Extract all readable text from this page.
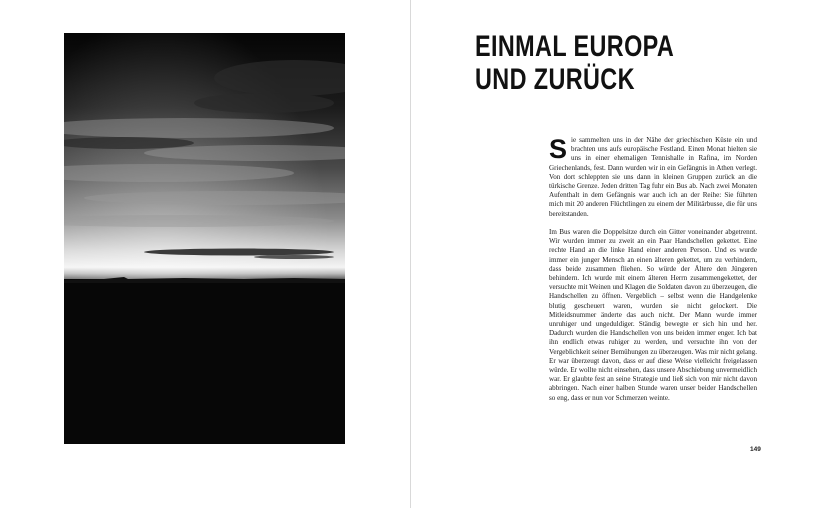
EINMAL EUROPA
UND ZURÜCK

Sie sammelten uns in der Nähe der griechischen Küste ein und brachten uns aufs europäische Festland. Einen Monat hielten sie uns in einer ehemaligen Tennishalle in Rafina, im Norden Griechenlands, fest. Dann wurden wir in ein Gefängnis in Athen verlegt. Von dort schleppten sie uns dann in kleinen Gruppen zurück an die türkische Grenze. Jeden dritten Tag fuhr ein Bus ab. Nach zwei Monaten Aufenthalt in dem Gefängnis war auch ich an der Reihe: Sie führten mich mit 20 anderen Flüchtlingen zu einem der Militärbusse, die für uns bereitstanden.

Im Bus waren die Doppelsitze durch ein Gitter voneinander abgetrennt. Wir wurden immer zu zweit an ein Paar Handschellen gekettet. Eine rechte Hand an die linke Hand einer anderen Person. Und es wurde immer ein junger Mensch an einen älteren gekettet, um zu verhindern, dass beide zusammen fliehen. So würde der Ältere den Jüngeren behindern. Ich wurde mit einem älteren Herrn zusammengekettet, der versuchte mit Weinen und Klagen die Soldaten davon zu überzeugen, die Handschellen zu öffnen. Vergeblich – selbst wenn die Handgelenke blutig gescheuert waren, wurden sie nicht gelockert. Die Mitleidsnummer änderte das auch nicht. Der Mann wurde immer unruhiger und ungeduldiger. Ständig bewegte er sich hin und her. Dadurch wurden die Handschellen von uns beiden immer enger. Ich bat ihn endlich etwas ruhiger zu werden, und versuchte ihn von der Vergeblichkeit seiner Bemühungen zu überzeugen. Was mir nicht gelang. Er war überzeugt davon, dass er auf diese Weise vielleicht freigelassen würde. Er wollte nicht einsehen, dass unsere Abschiebung unvermeidlich war. Er glaubte fest an seine Strategie und ließ sich von mir nicht davon abbringen. Nach einer halben Stunde waren unser beider Handschellen so eng, dass er nun vor Schmerzen weinte.

149
